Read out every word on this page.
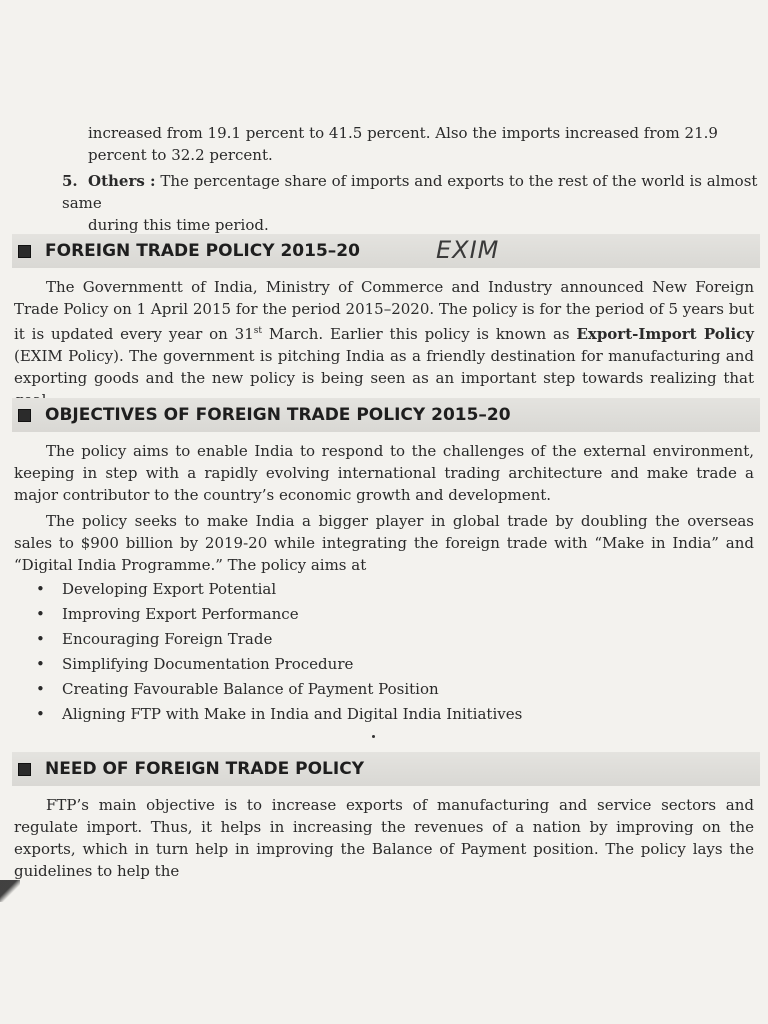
increased from 19.1 percent to 41.5 percent. Also the imports increased from 21.9 percent to 32.2 percent.
5. Others : The percentage share of imports and exports to the rest of the world is almost same
during this time period.
FOREIGN TRADE POLICY 2015–20	EXIM
The Governmentt of India, Ministry of Commerce and Industry announced New Foreign Trade Policy on 1 April 2015 for the period 2015–2020. The policy is for the period of 5 years but it is updated every year on 31st March. Earlier this policy is known as Export-Import Policy (EXIM Policy). The government is pitching India as a friendly destination for manufacturing and exporting goods and the new policy is being seen as an important step towards realizing that
OBJECTIVES OF FOREIGN TRADE POLICY 2015–20
The policy aims to enable India to respond to the challenges of the external environment, keeping in step with a rapidly evolving international trading architecture and make trade a major contributor to the country’s economic growth and development.
The policy seeks to make India a bigger player in global trade by doubling the overseas sales to $900 billion by 2019-20 while integrating the foreign trade with “Make in India” and “Digital India Programme.” The policy aims at
• Developing Export Potential
• Improving Export Performance
• Encouraging Foreign Trade
• Simplifying Documentation Procedure
• Creating Favourable Balance of Payment Position
• Aligning FTP with Make in India and Digital India Initiatives
NEED OF FOREIGN TRADE POLICY
FTP’s main objective is to increase exports of manufacturing and service sectors and regulate import. Thus, it helps in increasing the revenues of a nation by improving on the exports, which in turn help in improving the Balance of Payment position. The policy lays the guidelines to help the
